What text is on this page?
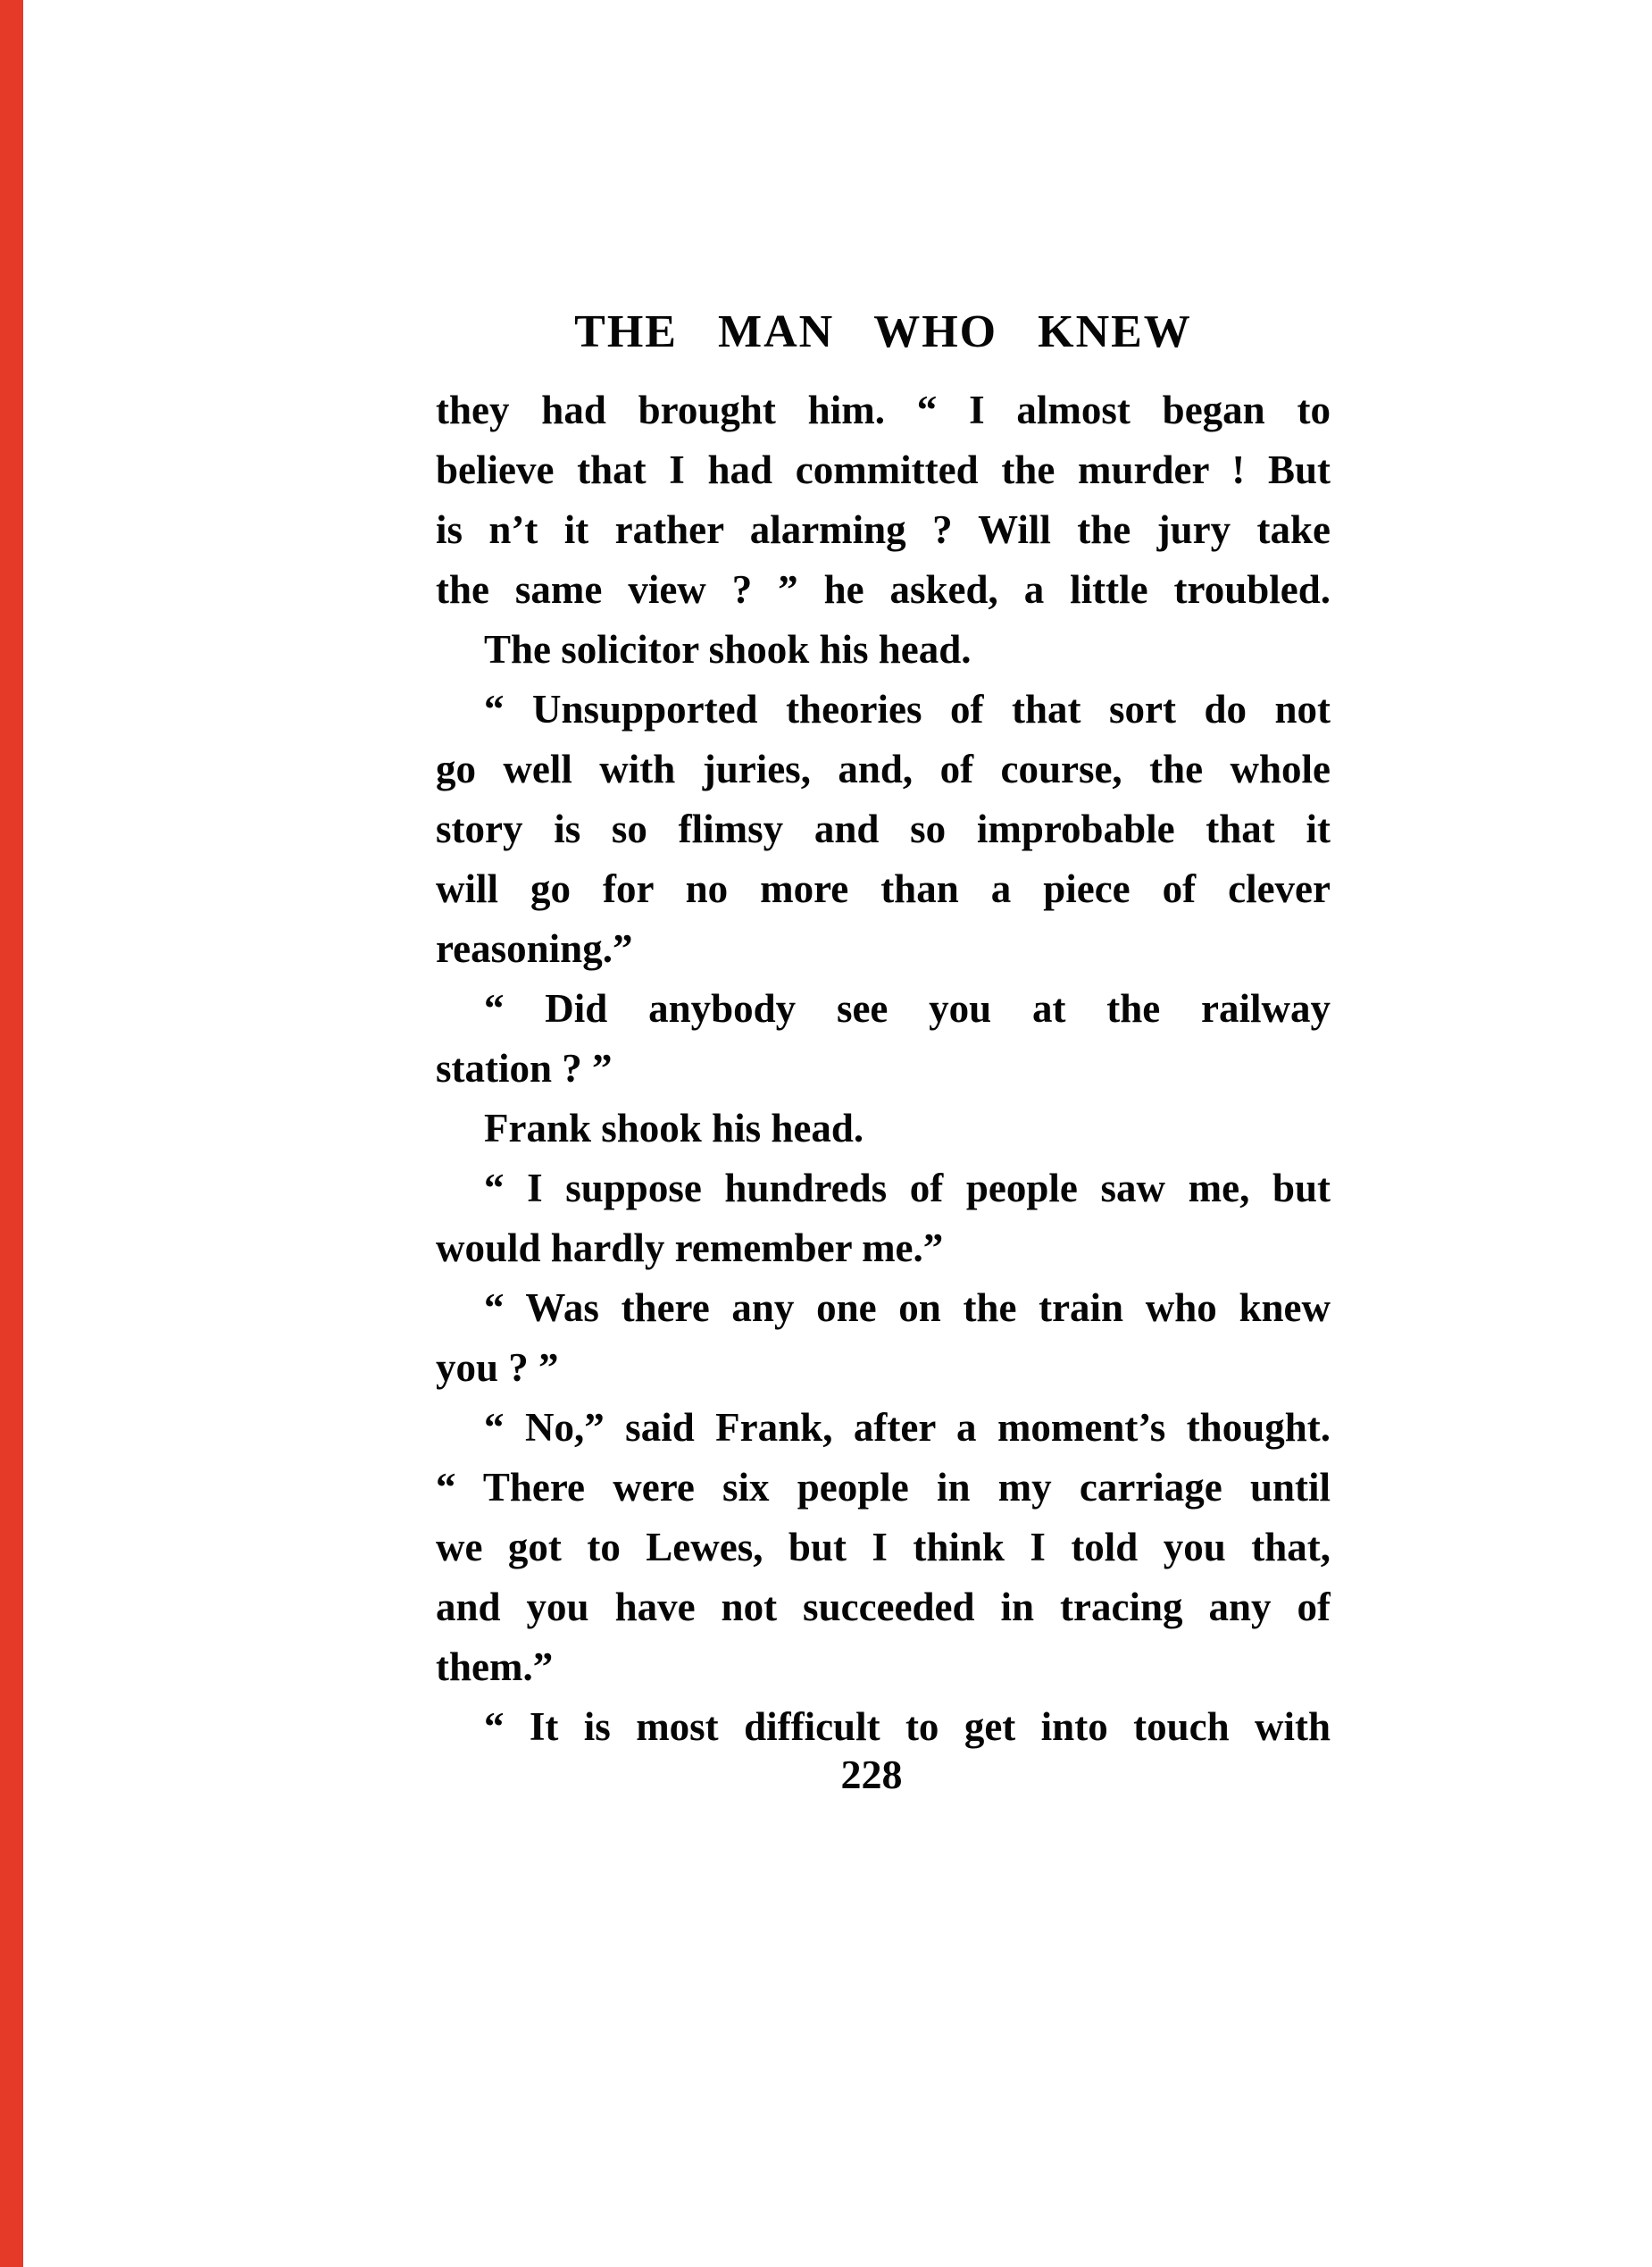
THE MAN WHO KNEW
they had brought him. “ I almost began to
believe that I had committed the murder ! But
is n’t it rather alarming ? Will the jury take
the same view ? ” he asked, a little troubled.
The solicitor shook his head.
“ Unsupported theories of that sort do not
go well with juries, and, of course, the whole
story is so flimsy and so improbable that it
will go for no more than a piece of clever
reasoning.”
“ Did anybody see you at the railway
station ? ”
Frank shook his head.
“ I suppose hundreds of people saw me, but
would hardly remember me.”
“ Was there any one on the train who knew
you ? ”
“ No,” said Frank, after a moment’s thought.
“ There were six people in my carriage until
we got to Lewes, but I think I told you that,
and you have not succeeded in tracing any of
them.”
“ It is most difficult to get into touch with
228
